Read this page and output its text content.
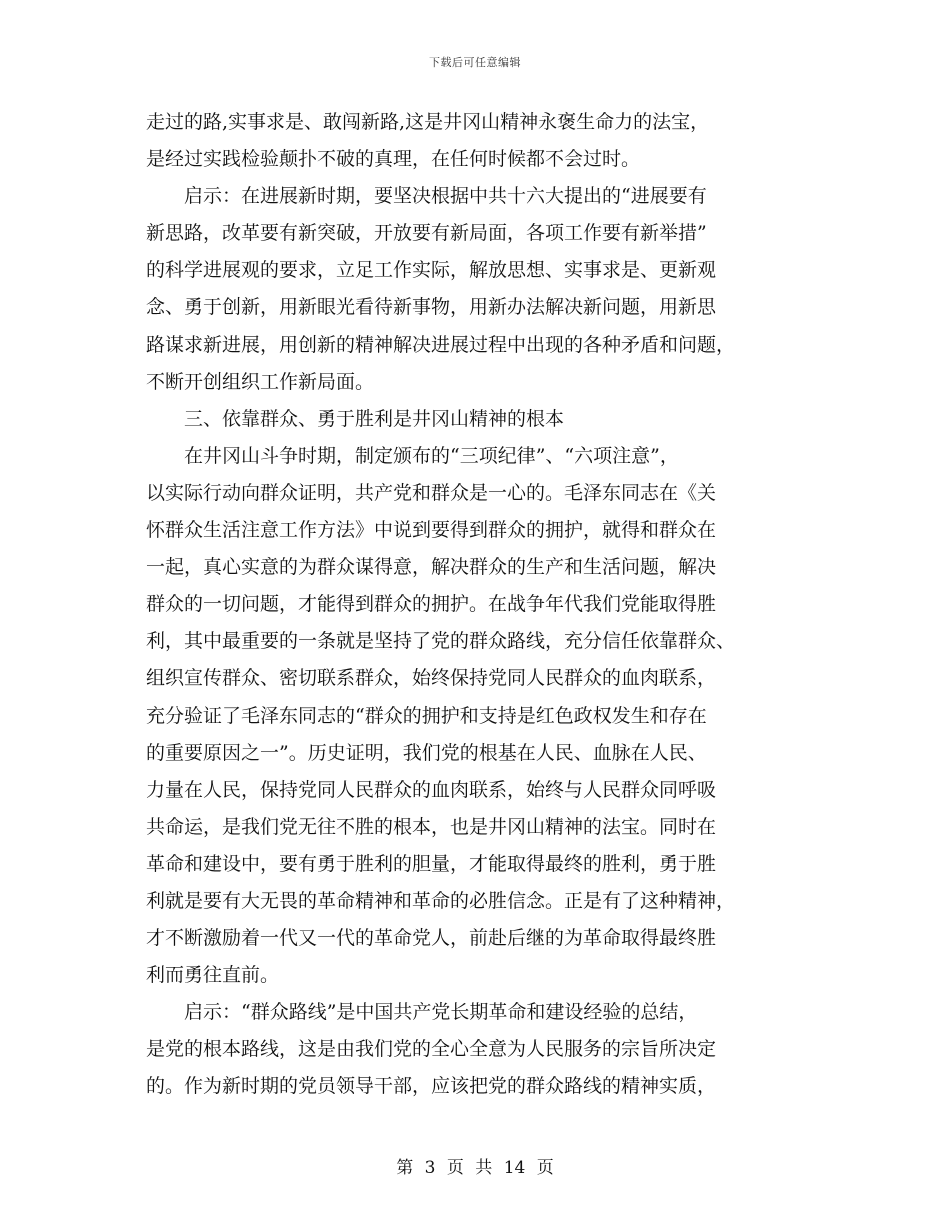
下载后可任意编辑
走过的路,实事求是、敢闯新路,这是井冈山精神永褒生命力的法宝，
是经过实践检验颠扑不破的真理，在任何时候都不会过时。
　　启示：在进展新时期，要坚决根据中共十六大提出的“进展要有
新思路，改革要有新突破，开放要有新局面，各项工作要有新举措”
的科学进展观的要求，立足工作实际，解放思想、实事求是、更新观
念、勇于创新，用新眼光看待新事物，用新办法解决新问题，用新思
路谋求新进展，用创新的精神解决进展过程中出现的各种矛盾和问题，
不断开创组织工作新局面。
　　三、依靠群众、勇于胜利是井冈山精神的根本
　　在井冈山斗争时期，制定颁布的“三项纪律”、“六项注意”，
以实际行动向群众证明，共产党和群众是一心的。毛泽东同志在《关
怀群众生活注意工作方法》中说到要得到群众的拥护，就得和群众在
一起，真心实意的为群众谋得意，解决群众的生产和生活问题，解决
群众的一切问题，才能得到群众的拥护。在战争年代我们党能取得胜
利，其中最重要的一条就是坚持了党的群众路线，充分信任依靠群众、
组织宣传群众、密切联系群众，始终保持党同人民群众的血肉联系，
充分验证了毛泽东同志的“群众的拥护和支持是红色政权发生和存在
的重要原因之一”。历史证明，我们党的根基在人民、血脉在人民、
力量在人民，保持党同人民群众的血肉联系，始终与人民群众同呼吸
共命运，是我们党无往不胜的根本，也是井冈山精神的法宝。同时在
革命和建设中，要有勇于胜利的胆量，才能取得最终的胜利，勇于胜
利就是要有大无畏的革命精神和革命的必胜信念。正是有了这种精神，
才不断激励着一代又一代的革命党人，前赴后继的为革命取得最终胜
利而勇往直前。
　　启示：“群众路线”是中国共产党长期革命和建设经验的总结，
是党的根本路线，这是由我们党的全心全意为人民服务的宗旨所决定
的。作为新时期的党员领导干部，应该把党的群众路线的精神实质，
第 3 页 共 14 页
